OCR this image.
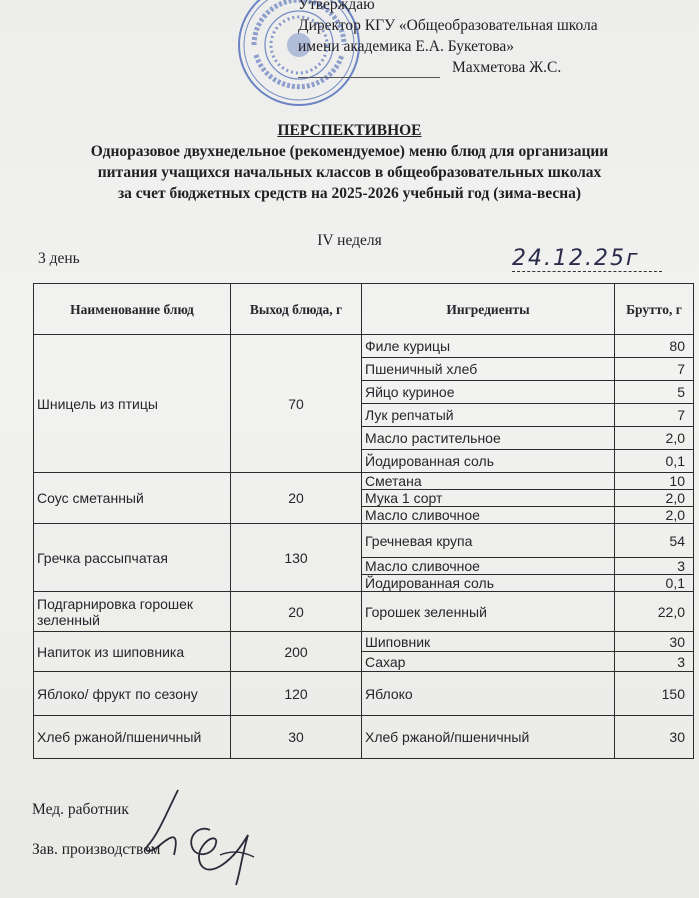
Утверждаю
Директор КГУ «Общеобразовательная школа
имени академика Е.А. Букетова»
Махметова Ж.С.
ПЕРСПЕКТИВНОЕ
Одноразовое двухнедельное (рекомендуемое) меню блюд для организации
питания учащихся начальных классов в общеобразовательных школах
за счет бюджетных средств на 2025-2026 учебный год (зима-весна)
IV неделя
3 день	24.12.25г
Наименование блюд	Выход блюда, г	Ингредиенты	Брутто, г
Шницель из птицы	70	Филе курицы	80
		Пшеничный хлеб	7
		Яйцо куриное	5
		Лук репчатый	7
		Масло растительное	2,0
		Йодированная соль	0,1
Соус сметанный	20	Сметана	10
		Мука 1 сорт	2,0
		Масло сливочное	2,0
Гречка рассыпчатая	130	Гречневая крупа	54
		Масло сливочное	3
		Йодированная соль	0,1
Подгарнировка горошек зеленный	20	Горошек зеленный	22,0
Напиток из шиповника	200	Шиповник	30
		Сахар	3
Яблоко/ фрукт по сезону	120	Яблоко	150
Хлеб ржаной/пшеничный	30	Хлеб ржаной/пшеничный	30
Мед. работник
Зав. производством
